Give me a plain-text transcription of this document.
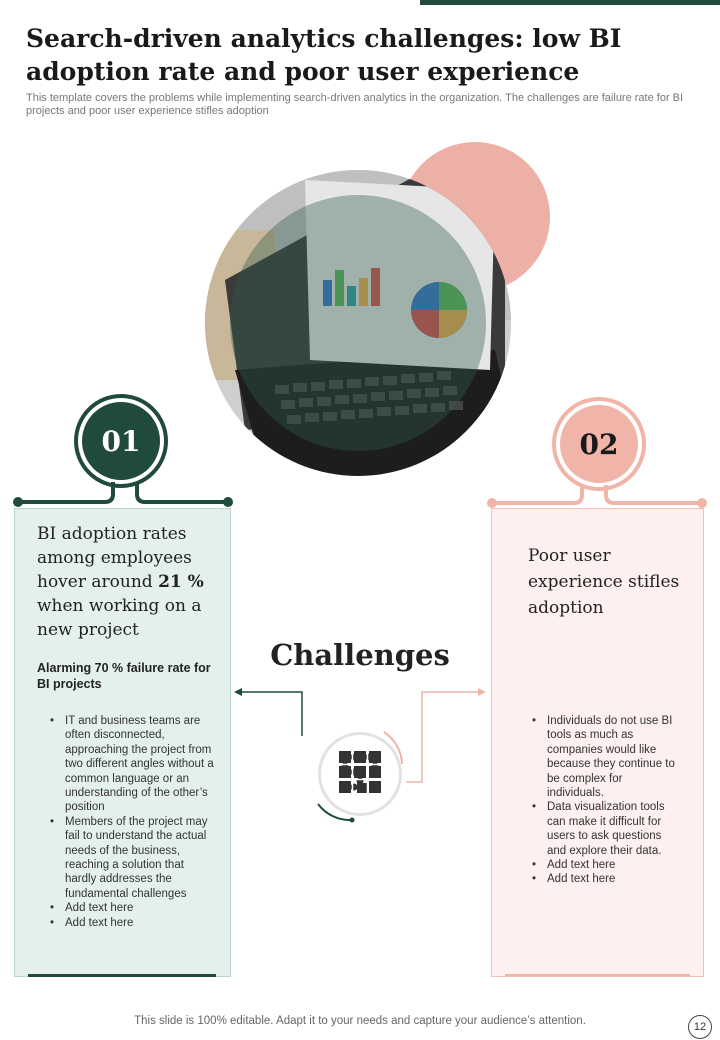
Search-driven analytics challenges: low BI adoption rate and poor user experience

This template covers the problems while implementing search-driven analytics in the organization. The challenges are failure rate for BI projects and poor user experience stifles adoption

01	02

BI adoption rates among employees hover around 21 % when working on a new project

Alarming 70 % failure rate for BI projects

• IT and business teams are often disconnected, approaching the project from two different angles without a common language or an understanding of the other’s position
• Members of the project may fail to understand the actual needs of the business, reaching a solution that hardly addresses the fundamental challenges
• Add text here
• Add text here

Poor user experience stifles adoption

• Individuals do not use BI tools as much as companies would like because they continue to be complex for individuals.
• Data visualization tools can make it difficult for users to ask questions and explore their data.
• Add text here
• Add text here
Challenges

This slide is 100% editable. Adapt it to your needs and capture your audience’s attention.	12
